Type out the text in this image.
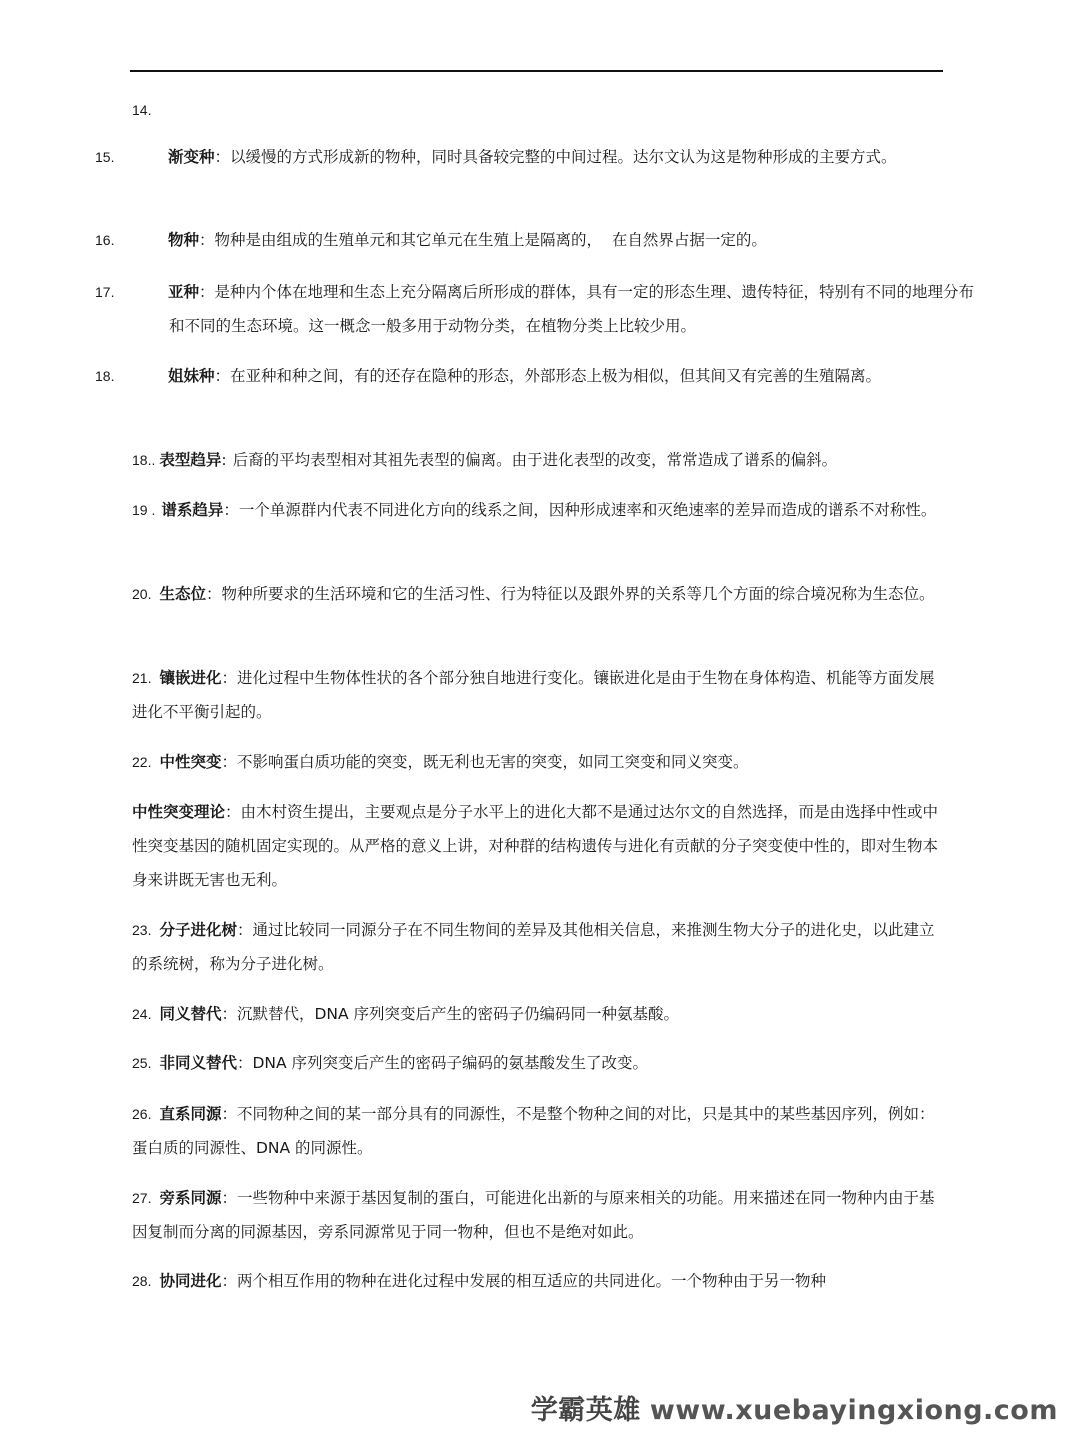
14.
15.	渐变种：以缓慢的方式形成新的物种，同时具备较完整的中间过程。达尔文认为这是物种形成的主要方式。
16.	物种：物种是由组成的生殖单元和其它单元在生殖上是隔离的，  在自然界占据一定的。
17.	亚种：是种内个体在地理和生态上充分隔离后所形成的群体，具有一定的形态生理、遗传特征，特别有不同的地理分布和不同的生态环境。这一概念一般多用于动物分类，在植物分类上比较少用。
18.	姐妹种：在亚种和种之间，有的还存在隐种的形态，外部形态上极为相似，但其间又有完善的生殖隔离。
18.. 表型趋异: 后裔的平均表型相对其祖先表型的偏离。由于进化表型的改变，常常造成了谱系的偏斜。
19 . 谱系趋异：一个单源群内代表不同进化方向的线系之间，因种形成速率和灭绝速率的差异而造成的谱系不对称性。
20. 生态位：物种所要求的生活环境和它的生活习性、行为特征以及跟外界的关系等几个方面的综合境况称为生态位。
21. 镶嵌进化：进化过程中生物体性状的各个部分独自地进行变化。镶嵌进化是由于生物在身体构造、机能等方面发展进化不平衡引起的。
22. 中性突变：不影响蛋白质功能的突变，既无利也无害的突变，如同工突变和同义突变。
中性突变理论：由木村资生提出，主要观点是分子水平上的进化大都不是通过达尔文的自然选择，而是由选择中性或中性突变基因的随机固定实现的。从严格的意义上讲，对种群的结构遗传与进化有贡献的分子突变使中性的，即对生物本身来讲既无害也无利。
23. 分子进化树：通过比较同一同源分子在不同生物间的差异及其他相关信息，来推测生物大分子的进化史，以此建立的系统树，称为分子进化树。
24. 同义替代：沉默替代，DNA 序列突变后产生的密码子仍编码同一种氨基酸。
25. 非同义替代：DNA 序列突变后产生的密码子编码的氨基酸发生了改变。
26. 直系同源：不同物种之间的某一部分具有的同源性，不是整个物种之间的对比，只是其中的某些基因序列，例如：蛋白质的同源性、DNA 的同源性。
27. 旁系同源：一些物种中来源于基因复制的蛋白，可能进化出新的与原来相关的功能。用来描述在同一物种内由于基因复制而分离的同源基因，旁系同源常见于同一物种，但也不是绝对如此。
28. 协同进化：两个相互作用的物种在进化过程中发展的相互适应的共同进化。一个物种由于另一物种
学霸英雄 www.xuebayingxiong.com
